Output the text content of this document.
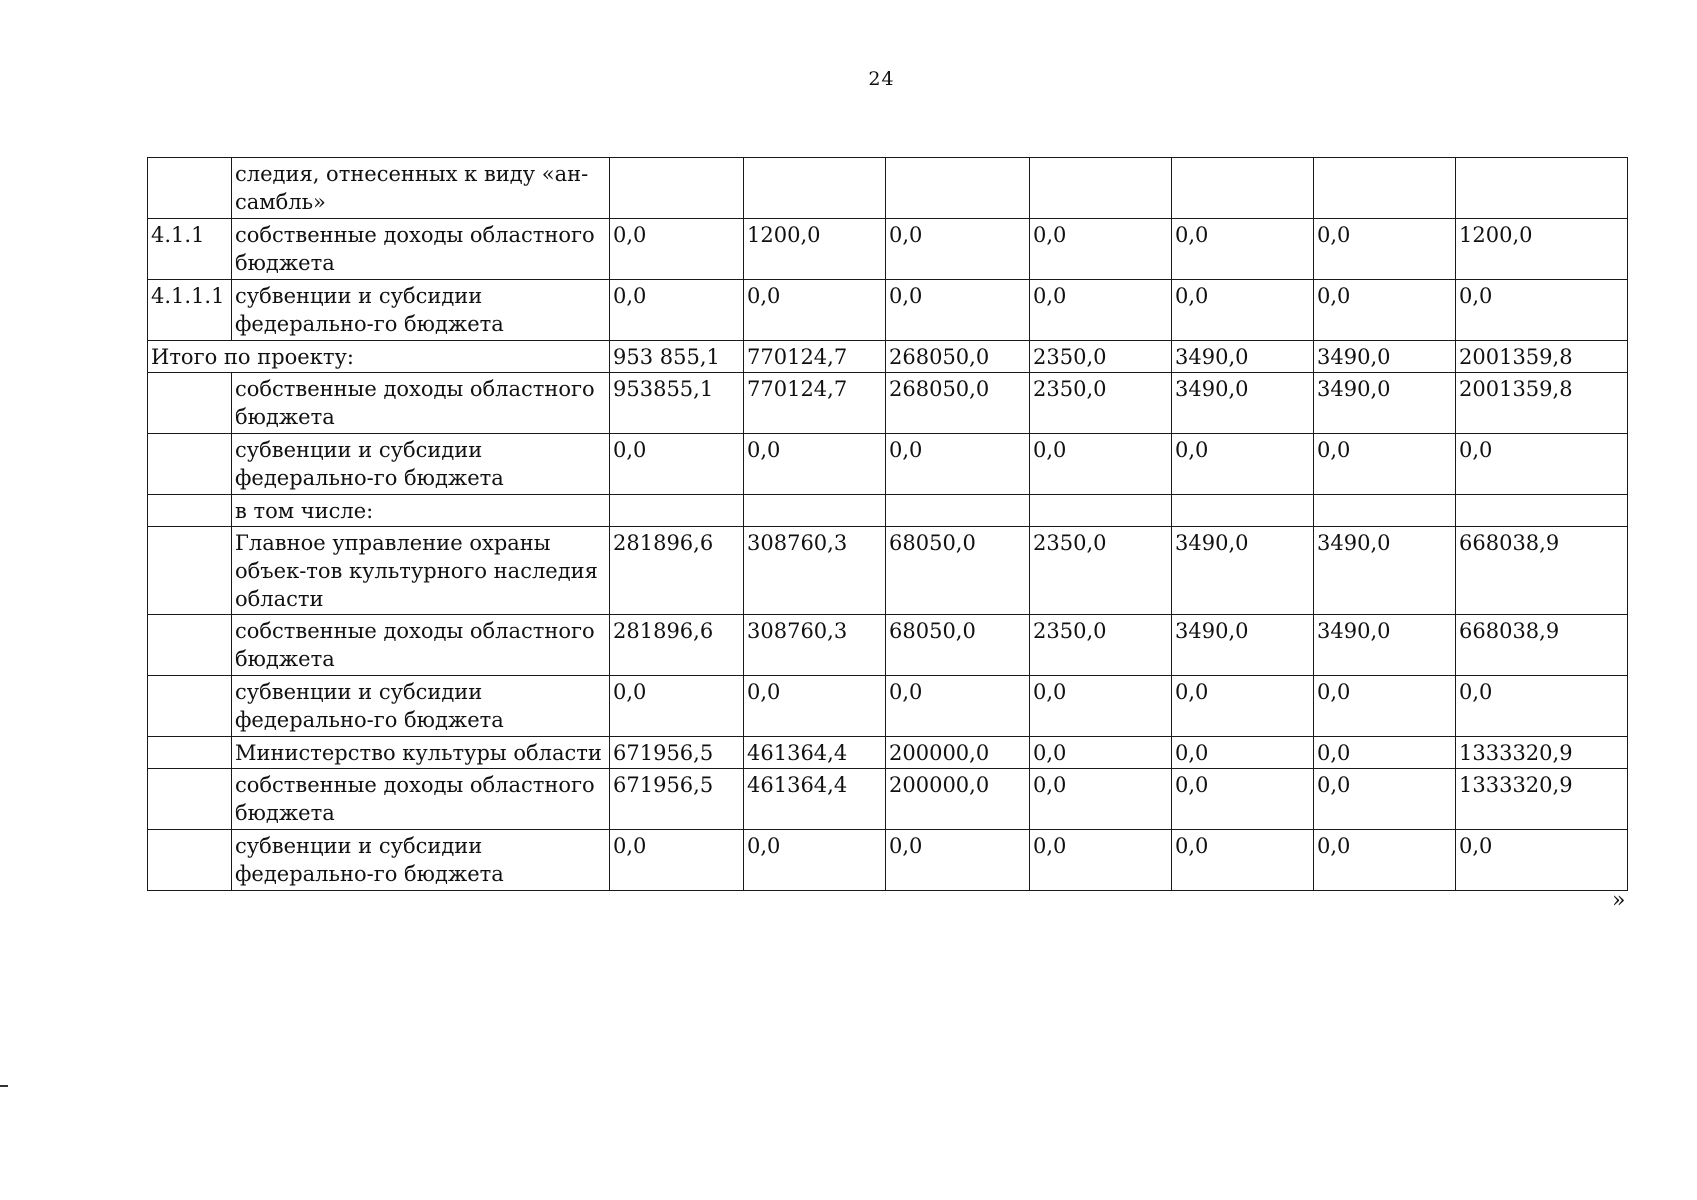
24
	следия, отнесенных к виду «ан-
самбль»							
4.1.1	собственные доходы областного бюджета	0,0	1200,0	0,0	0,0	0,0	0,0	1200,0
4.1.1.1	субвенции и субсидии федерально-го бюджета	0,0	0,0	0,0	0,0	0,0	0,0	0,0
Итого по проекту:		953 855,1	770124,7	268050,0	2350,0	3490,0	3490,0	2001359,8
	собственные доходы областного бюджета	953855,1	770124,7	268050,0	2350,0	3490,0	3490,0	2001359,8
	субвенции и субсидии федерально-го бюджета	0,0	0,0	0,0	0,0	0,0	0,0	0,0
	в том числе:							
	Главное управление охраны объек-тов культурного наследия области	281896,6	308760,3	68050,0	2350,0	3490,0	3490,0	668038,9
	собственные доходы областного бюджета	281896,6	308760,3	68050,0	2350,0	3490,0	3490,0	668038,9
	субвенции и субсидии федерально-го бюджета	0,0	0,0	0,0	0,0	0,0	0,0	0,0
	Министерство культуры области	671956,5	461364,4	200000,0	0,0	0,0	0,0	1333320,9
	собственные доходы областного бюджета	671956,5	461364,4	200000,0	0,0	0,0	0,0	1333320,9
	субвенции и субсидии федерально-го бюджета	0,0	0,0	0,0	0,0	0,0	0,0	0,0
»
